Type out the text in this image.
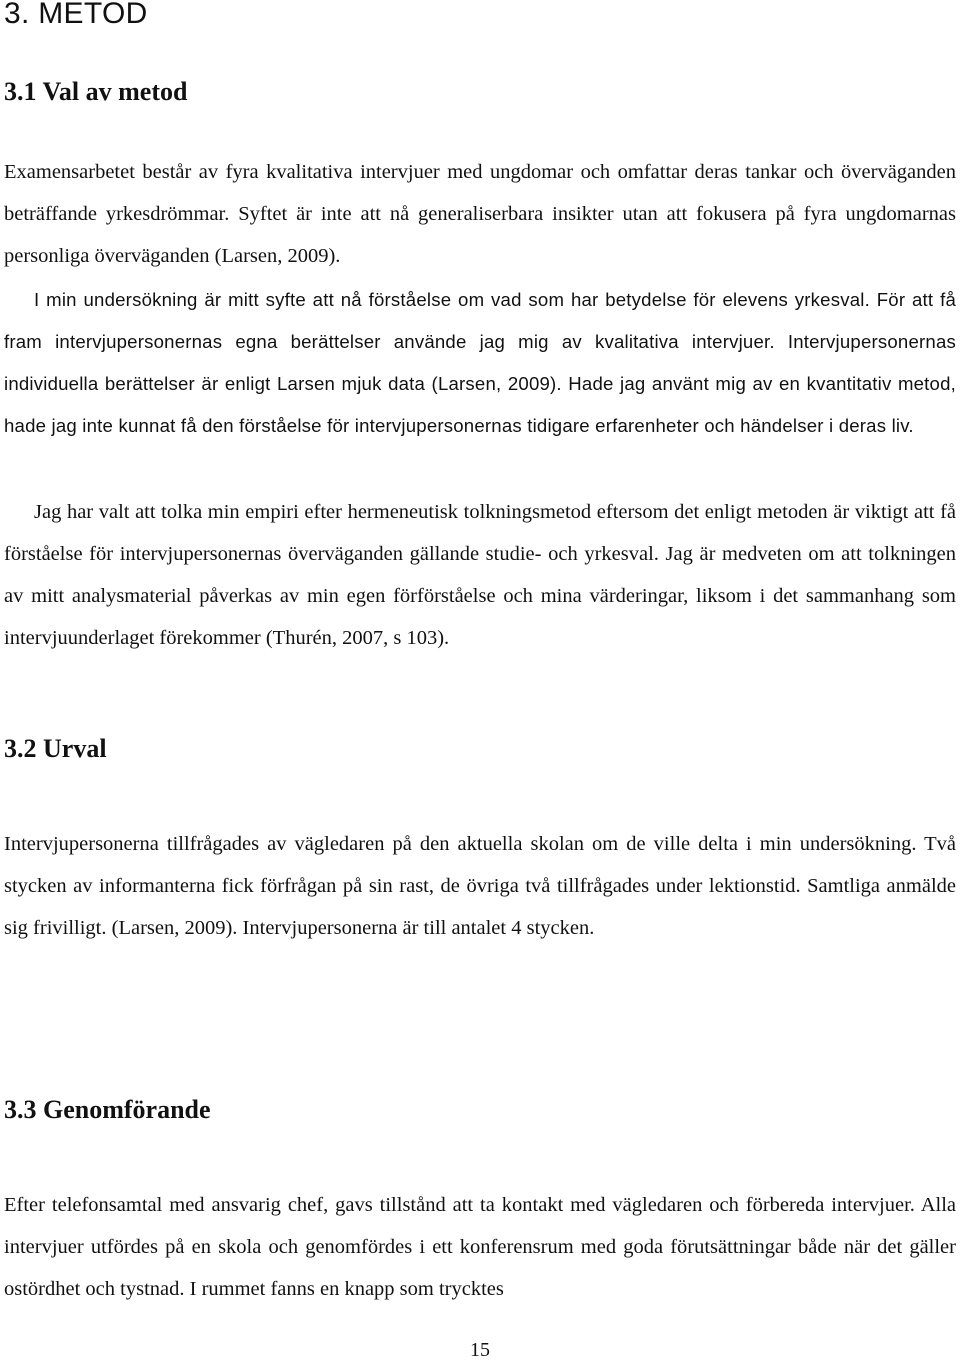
3. METOD
3.1 Val av metod

Examensarbetet består av fyra kvalitativa intervjuer med ungdomar och omfattar deras tankar och överväganden beträffande yrkesdrömmar. Syftet är inte att nå generaliserbara insikter utan att fokusera på fyra ungdomarnas personliga överväganden (Larsen, 2009).

I min undersökning är mitt syfte att nå förståelse om vad som har betydelse för elevens yrkesval. För att få fram intervjupersonernas egna berättelser använde jag mig av kvalitativa intervjuer. Intervjupersonernas individuella berättelser är enligt Larsen mjuk data (Larsen, 2009). Hade jag använt mig av en kvantitativ metod, hade jag inte kunnat få den förståelse för intervjupersonernas tidigare erfarenheter och händelser i deras liv.

Jag har valt att tolka min empiri efter hermeneutisk tolkningsmetod eftersom det enligt metoden är viktigt att få förståelse för intervjupersonernas överväganden gällande studie- och yrkesval. Jag är medveten om att tolkningen av mitt analysmaterial påverkas av min egen förförståelse och mina värderingar, liksom i det sammanhang som intervjuunderlaget förekommer (Thurén, 2007, s 103).

3.2 Urval

Intervjupersonerna tillfrågades av vägledaren på den aktuella skolan om de ville delta i min undersökning. Två stycken av informanterna fick förfrågan på sin rast, de övriga två tillfrågades under lektionstid. Samtliga anmälde sig frivilligt. (Larsen, 2009). Intervjupersonerna är till antalet 4 stycken.

3.3 Genomförande

Efter telefonsamtal med ansvarig chef, gavs tillstånd att ta kontakt med vägledaren och förbereda intervjuer. Alla intervjuer utfördes på en skola och genomfördes i ett konferensrum med goda förutsättningar både när det gäller ostördhet och tystnad. I rummet fanns en knapp som trycktes

15
